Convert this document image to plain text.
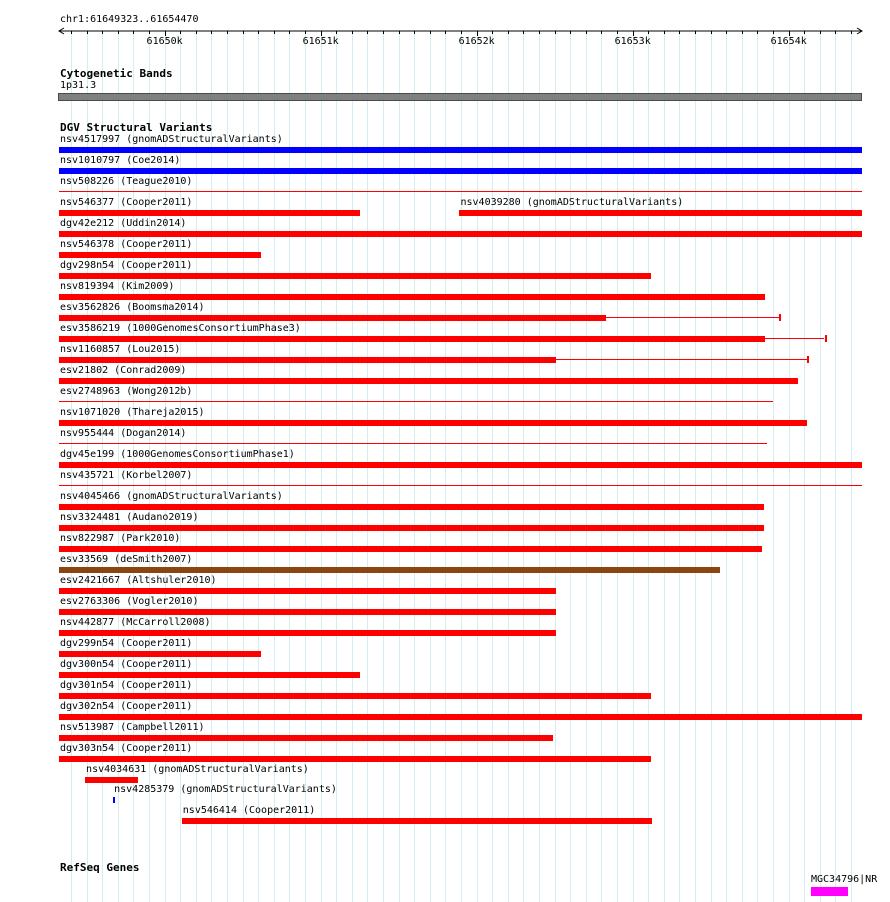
chr1:61649323..61654470
61650k	61651k	61652k	61653k	61654k
Cytogenetic Bands
1p31.3
DGV Structural Variants
nsv4517997 (gnomADStructuralVariants)
nsv1010797 (Coe2014)
nsv508226 (Teague2010)
nsv546377 (Cooper2011)	nsv4039280 (gnomADStructuralVariants)
dgv42e212 (Uddin2014)
nsv546378 (Cooper2011)
dgv298n54 (Cooper2011)
nsv819394 (Kim2009)
esv3562826 (Boomsma2014)
esv3586219 (1000GenomesConsortiumPhase3)
nsv1160857 (Lou2015)
esv21802 (Conrad2009)
esv2748963 (Wong2012b)
nsv1071020 (Thareja2015)
nsv955444 (Dogan2014)
dgv45e199 (1000GenomesConsortiumPhase1)
nsv435721 (Korbel2007)
nsv4045466 (gnomADStructuralVariants)
nsv3324481 (Audano2019)
nsv822987 (Park2010)
esv33569 (deSmith2007)
esv2421667 (Altshuler2010)
esv2763306 (Vogler2010)
nsv442877 (McCarroll2008)
dgv299n54 (Cooper2011)
dgv300n54 (Cooper2011)
dgv301n54 (Cooper2011)
dgv302n54 (Cooper2011)
nsv513987 (Campbell2011)
dgv303n54 (Cooper2011)
nsv4034631 (gnomADStructuralVariants)
nsv4285379 (gnomADStructuralVariants)
nsv546414 (Cooper2011)
RefSeq Genes
MGC34796|NR
